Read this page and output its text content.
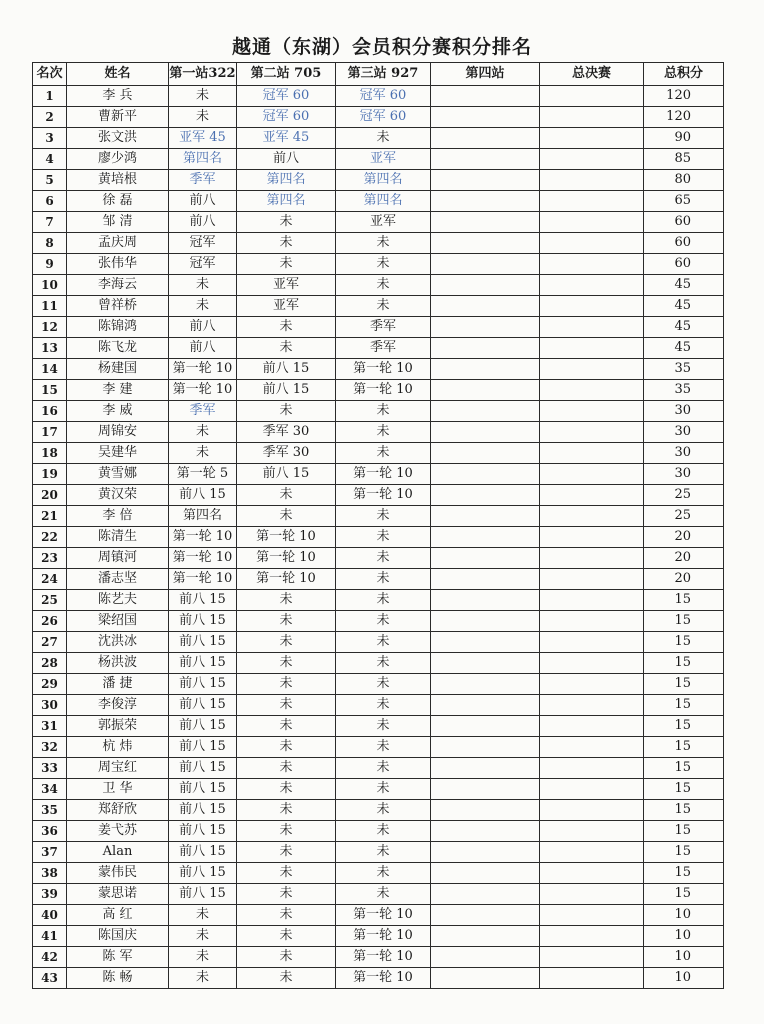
越通（东湖）会员积分赛积分排名
名次	姓名	第一站322	第二站 705	第三站 927	第四站	总决赛	总积分
1	李 兵	未	冠军 60	冠军 60			120
2	曹新平	未	冠军 60	冠军 60			120
3	张文洪	亚军 45	亚军 45	未			90
4	廖少鸿	第四名	前八	亚军			85
5	黄培根	季军	第四名	第四名			80
6	徐 磊	前八	第四名	第四名			65
7	邹 清	前八	未	亚军			60
8	孟庆周	冠军	未	未			60
9	张伟华	冠军	未	未			60
10	李海云	未	亚军	未			45
11	曾祥桥	未	亚军	未			45
12	陈锦鸿	前八	未	季军			45
13	陈飞龙	前八	未	季军			45
14	杨建国	第一轮 10	前八 15	第一轮 10			35
15	李 建	第一轮 10	前八 15	第一轮 10			35
16	李 威	季军	未	未			30
17	周锦安	未	季军 30	未			30
18	吴建华	未	季军 30	未			30
19	黄雪娜	第一轮 5	前八 15	第一轮 10			30
20	黄汉荣	前八 15	未	第一轮 10			25
21	李 倍	第四名	未	未			25
22	陈清生	第一轮 10	第一轮 10	未			20
23	周镇河	第一轮 10	第一轮 10	未			20
24	潘志坚	第一轮 10	第一轮 10	未			20
25	陈艺夫	前八 15	未	未			15
26	梁绍国	前八 15	未	未			15
27	沈洪冰	前八 15	未	未			15
28	杨洪波	前八 15	未	未			15
29	潘 捷	前八 15	未	未			15
30	李俊淳	前八 15	未	未			15
31	郭振荣	前八 15	未	未			15
32	杭 炜	前八 15	未	未			15
33	周宝红	前八 15	未	未			15
34	卫 华	前八 15	未	未			15
35	郑舒欣	前八 15	未	未			15
36	姜弋苏	前八 15	未	未			15
37	Alan	前八 15	未	未			15
38	蒙伟民	前八 15	未	未			15
39	蒙思诺	前八 15	未	未			15
40	高 红	未	未	第一轮 10			10
41	陈国庆	未	未	第一轮 10			10
42	陈 军	未	未	第一轮 10			10
43	陈 畅	未	未	第一轮 10			10
